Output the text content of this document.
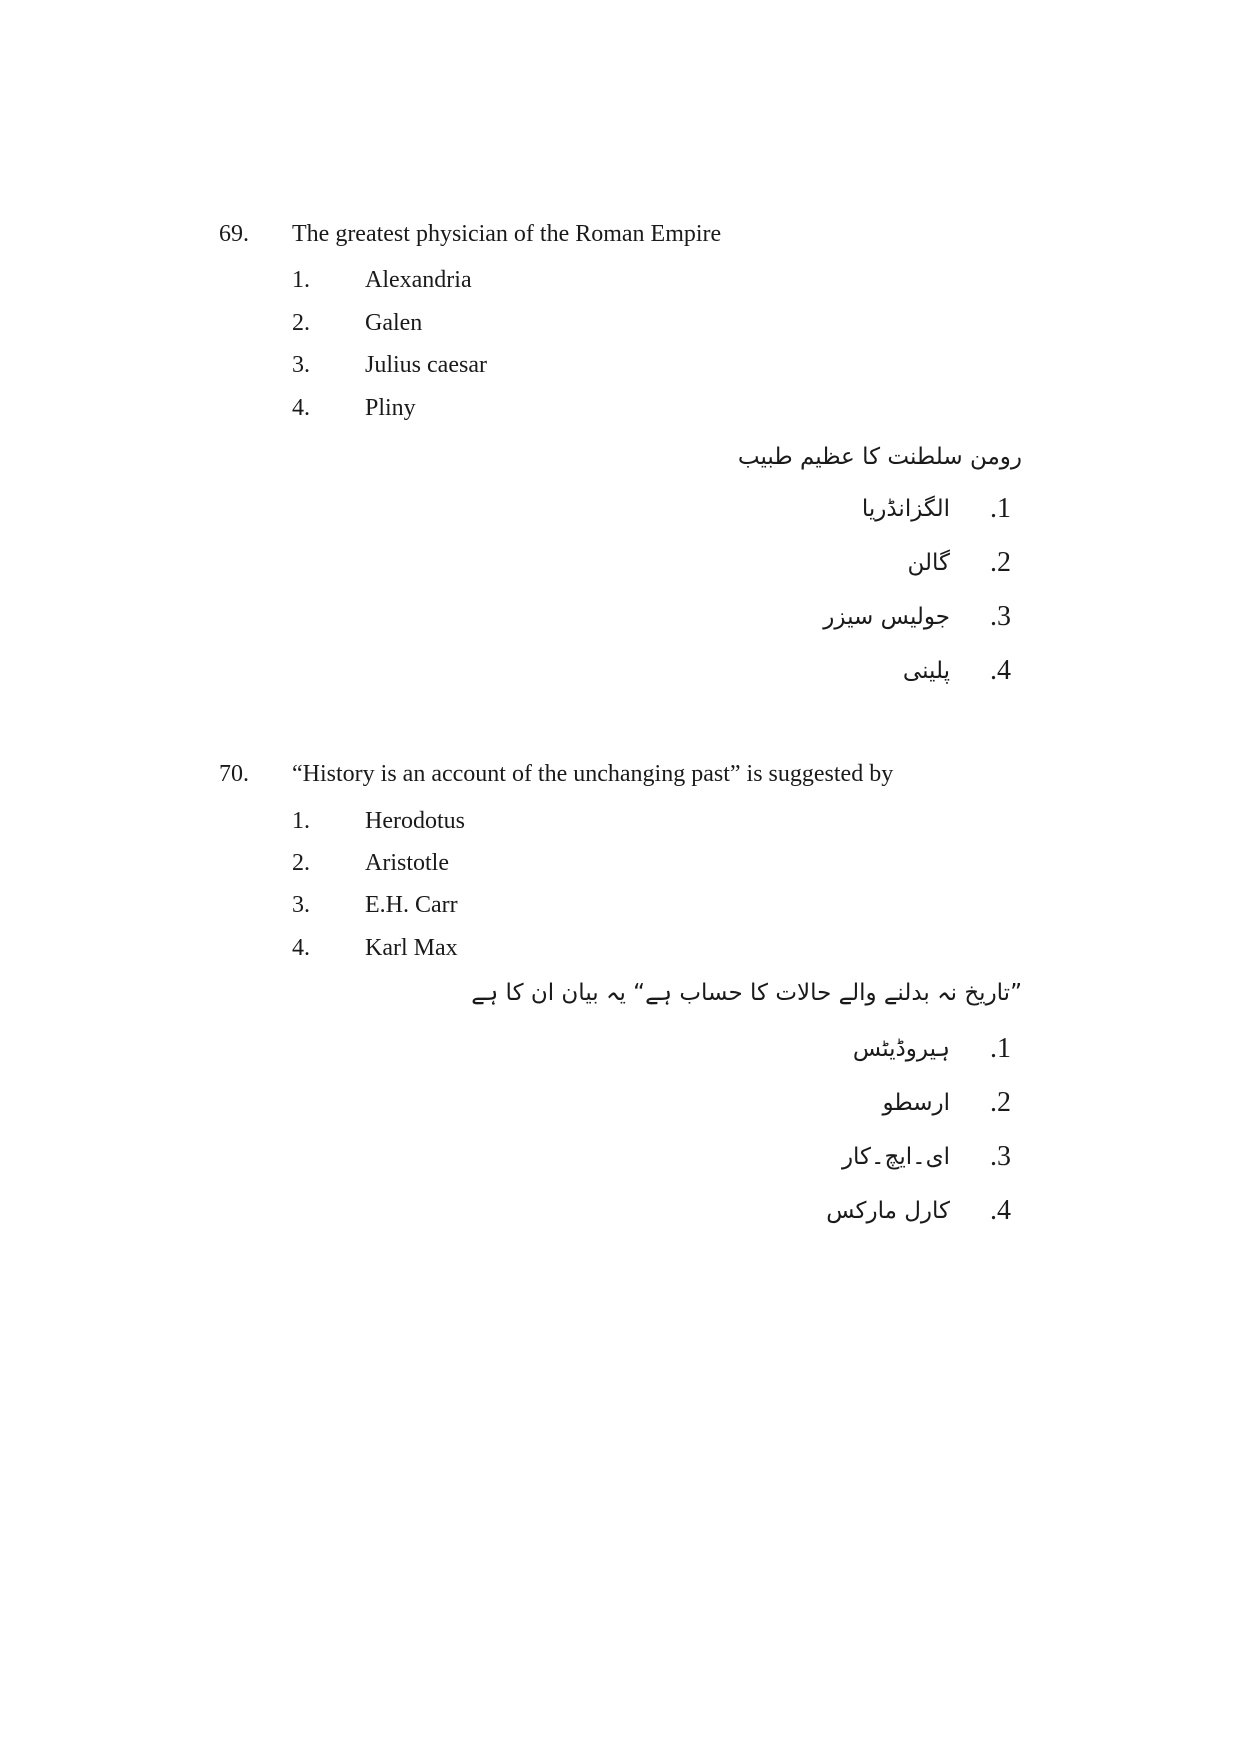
69. The greatest physician of the Roman Empire
1. Alexandria
2. Galen
3. Julius caesar
4. Pliny
رومن سلطنت کا عظیم طبیب
.1
الگزانڈریا
.2
گالن
.3
جولیس سیزر
.4
پلینی
70. “History is an account of the unchanging past” is suggested by
1. Herodotus
2. Aristotle
3. E.H. Carr
4. Karl Max
”تاریخ نہ بدلنے والے حالات کا حساب ہے“ یہ بیان ان کا ہے
.1
ہیروڈیٹس
.2
ارسطو
.3
ای۔ایچ۔کار
.4
کارل مارکس
